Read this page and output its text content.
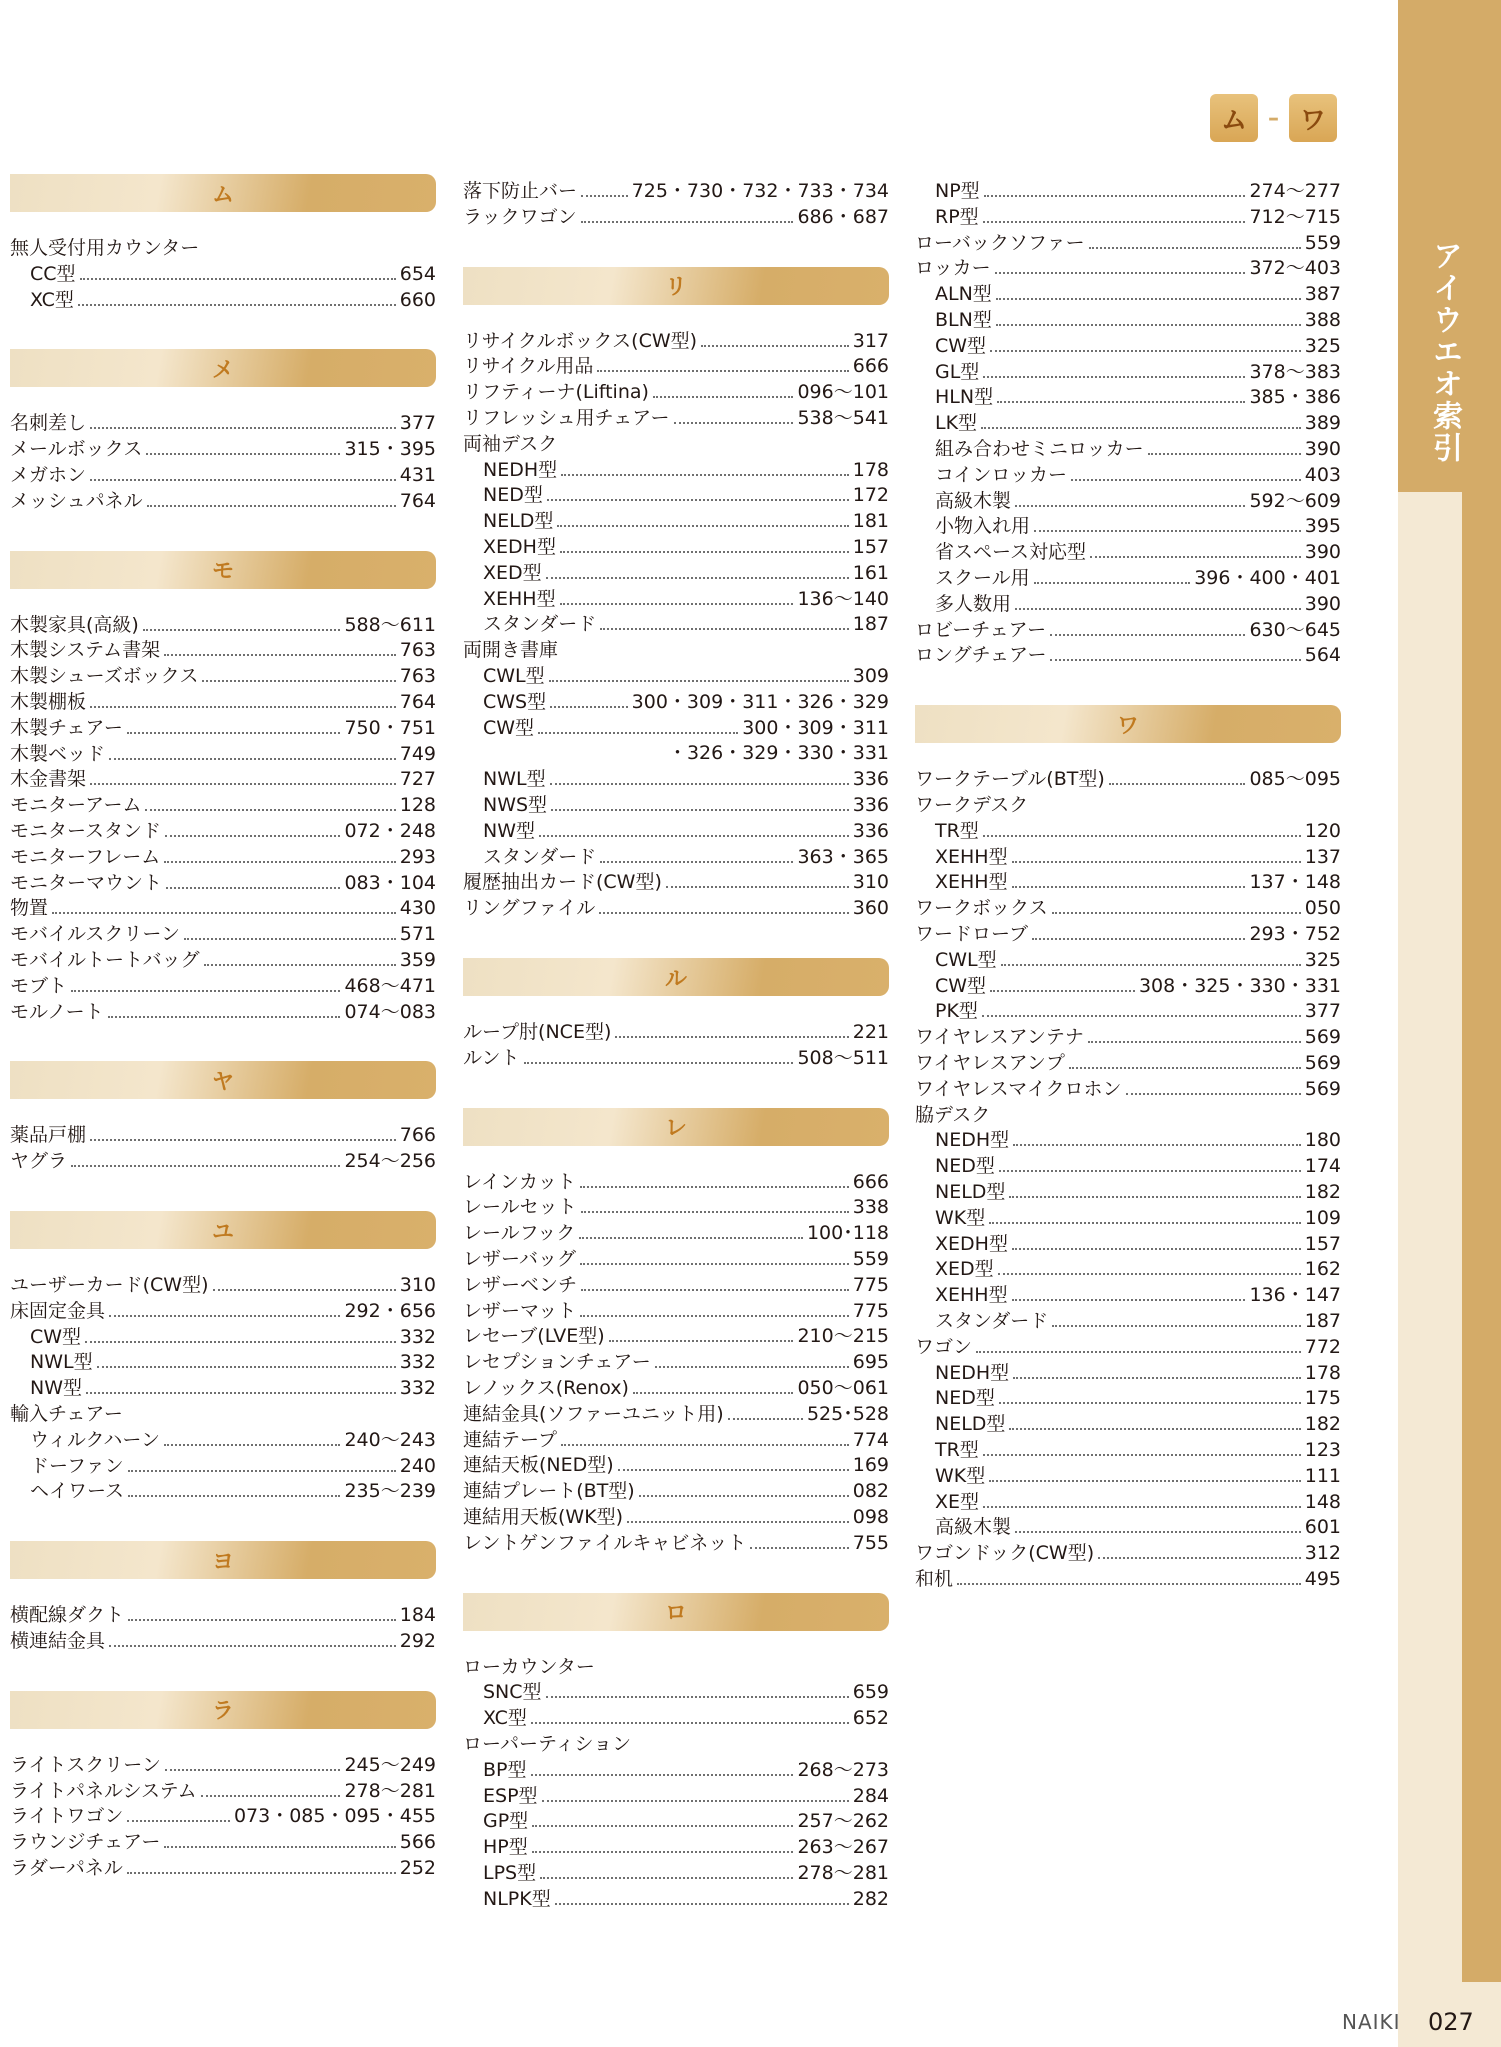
アイウエオ索引
ム – ワ
ム
無人受付用カウンター
CC型	654
XC型	660
メ
名刺差し	377
メールボックス	315・395
メガホン	431
メッシュパネル	764
モ
木製家具(高級)	588～611
木製システム書架	763
木製シューズボックス	763
木製棚板	764
木製チェアー	750・751
木製ベッド	749
木金書架	727
モニターアーム	128
モニタースタンド	072・248
モニターフレーム	293
モニターマウント	083・104
物置	430
モバイルスクリーン	571
モバイルトートバッグ	359
モブト	468～471
モルノート	074～083
ヤ
薬品戸棚	766
ヤグラ	254～256
ユ
ユーザーカード(CW型)	310
床固定金具	292・656
CW型	332
NWL型	332
NW型	332
輸入チェアー
ウィルクハーン	240～243
ドーファン	240
ヘイワース	235～239
ヨ
横配線ダクト	184
横連結金具	292
ラ
ライトスクリーン	245～249
ライトパネルシステム	278～281
ライトワゴン	073・085・095・455
ラウンジチェアー	566
ラダーパネル	252
落下防止バー	725・730・732・733・734
ラックワゴン	686・687
リ
リサイクルボックス(CW型)	317
リサイクル用品	666
リフティーナ(Liftina)	096～101
リフレッシュ用チェアー	538～541
両袖デスク
NEDH型	178
NED型	172
NELD型	181
XEDH型	157
XED型	161
XEHH型	136～140
スタンダード	187
両開き書庫
CWL型	309
CWS型	300・309・311・326・329
CW型	300・309・311
・326・329・330・331
NWL型	336
NWS型	336
NW型	336
スタンダード	363・365
履歴抽出カード(CW型)	310
リングファイル	360
ル
ループ肘(NCE型)	221
ルント	508～511
レ
レインカット	666
レールセット	338
レールフック	100･118
レザーバッグ	559
レザーベンチ	775
レザーマット	775
レセーブ(LVE型)	210～215
レセプションチェアー	695
レノックス(Renox)	050～061
連結金具(ソファーユニット用)	525･528
連結テープ	774
連結天板(NED型)	169
連結プレート(BT型)	082
連結用天板(WK型)	098
レントゲンファイルキャビネット	755
ロ
ローカウンター
SNC型	659
XC型	652
ローパーティション
BP型	268～273
ESP型	284
GP型	257～262
HP型	263～267
LPS型	278～281
NLPK型	282
NP型	274～277
RP型	712～715
ローバックソファー	559
ロッカー	372～403
ALN型	387
BLN型	388
CW型	325
GL型	378～383
HLN型	385・386
LK型	389
組み合わせミニロッカー	390
コインロッカー	403
高級木製	592～609
小物入れ用	395
省スペース対応型	390
スクール用	396・400・401
多人数用	390
ロビーチェアー	630～645
ロングチェアー	564
ワ
ワークテーブル(BT型)	085～095
ワークデスク
TR型	120
XEHH型	137
XEHH型	137・148
ワークボックス	050
ワードローブ	293・752
CWL型	325
CW型	308・325・330・331
PK型	377
ワイヤレスアンテナ	569
ワイヤレスアンプ	569
ワイヤレスマイクロホン	569
脇デスク
NEDH型	180
NED型	174
NELD型	182
WK型	109
XEDH型	157
XED型	162
XEHH型	136・147
スタンダード	187
ワゴン	772
NEDH型	178
NED型	175
NELD型	182
TR型	123
WK型	111
XE型	148
高級木製	601
ワゴンドック(CW型)	312
和机	495
NAIKI 027
